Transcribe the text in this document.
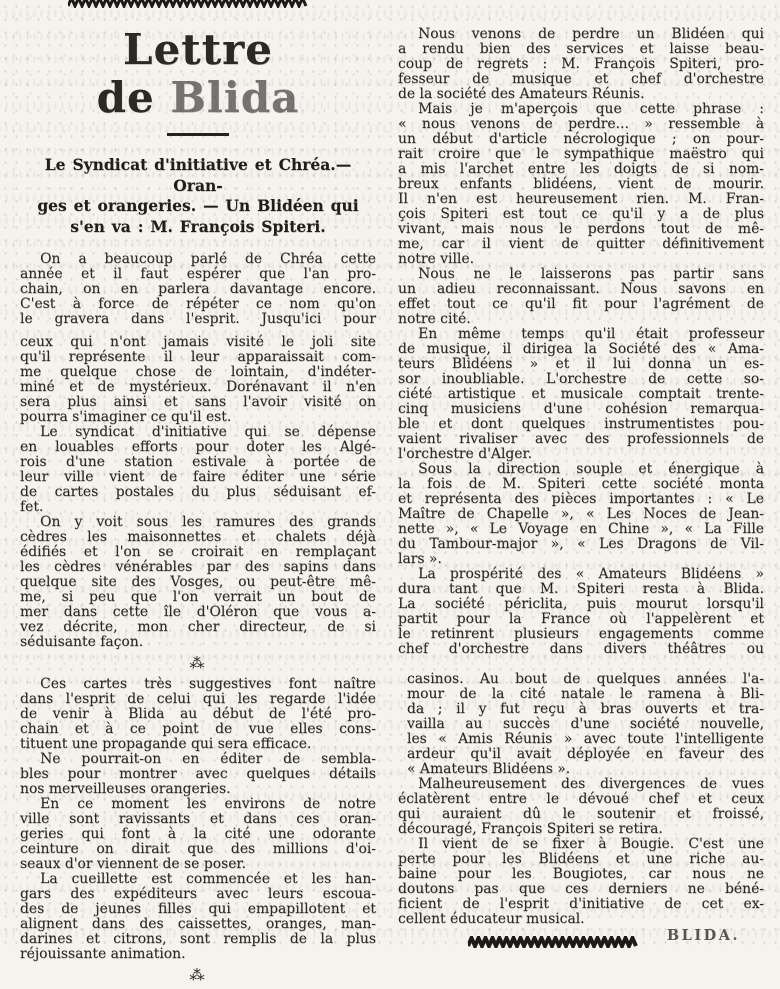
Lettre de Blida
Le Syndicat d'initiative et Chréa.— Oran-
ges et orangeries. — Un Blidéen qui
s'en va : M. François Spiteri.
On a beaucoup parlé de Chréa cette
année et il faut espérer que l'an pro-
chain, on en parlera davantage encore.
C'est à force de répéter ce nom qu'on
le gravera dans l'esprit. Jusqu'ici pour
ceux qui n'ont jamais visité le joli site
qu'il représente il leur apparaissait com-
me quelque chose de lointain, d'indéter-
miné et de mystérieux. Dorénavant il n'en
sera plus ainsi et sans l'avoir visité on
pourra s'imaginer ce qu'il est.
Le syndicat d'initiative qui se dépense
en louables efforts pour doter les Algé-
rois d'une station estivale à portée de
leur ville vient de faire éditer une série
de cartes postales du plus séduisant ef-
fet.
On y voit sous les ramures des grands
cèdres les maisonnettes et chalets déjà
édifiés et l'on se croirait en remplaçant
les cèdres vénérables par des sapins dans
quelque site des Vosges, ou peut-être mê-
me, si peu que l'on verrait un bout de
mer dans cette île d'Oléron que vous a-
vez décrite, mon cher directeur, de si
séduisante façon.
⁂
Ces cartes très suggestives font naître
dans l'esprit de celui qui les regarde l'idée
de venir à Blida au début de l'été pro-
chain et à ce point de vue elles cons-
tituent une propagande qui sera efficace.
Ne pourrait-on en éditer de sembla-
bles pour montrer avec quelques détails
nos merveilleuses orangeries.
En ce moment les environs de notre
ville sont ravissants et dans ces oran-
geries qui font à la cité une odorante
ceinture on dirait que des millions d'oi-
seaux d'or viennent de se poser.
La cueillette est commencée et les han-
gars des expéditeurs avec leurs escoua-
des de jeunes filles qui empapillotent et
alignent dans des caissettes, oranges, man-
darines et citrons, sont remplis de la plus
réjouissante animation.
⁂
Nous venons de perdre un Blidéen qui
a rendu bien des services et laisse beau-
coup de regrets : M. François Spiteri, pro-
fesseur de musique et chef d'orchestre
de la société des Amateurs Réunis.
Mais je m'aperçois que cette phrase :
« nous venons de perdre... » ressemble à
un début d'article nécrologique ; on pour-
rait croire que le sympathique maëstro qui
a mis l'archet entre les doigts de si nom-
breux enfants blidéens, vient de mourir.
Il n'en est heureusement rien. M. Fran-
çois Spiteri est tout ce qu'il y a de plus
vivant, mais nous le perdons tout de mê-
me, car il vient de quitter définitivement
notre ville.
Nous ne le laisserons pas partir sans
un adieu reconnaissant. Nous savons en
effet tout ce qu'il fit pour l'agrément de
notre cité.
En même temps qu'il était professeur
de musique, il dirigea la Société des « Ama-
teurs Blidéens » et il lui donna un es-
sor inoubliable. L'orchestre de cette so-
ciété artistique et musicale comptait trente-
cinq musiciens d'une cohésion remarqua-
ble et dont quelques instrumentistes pou-
vaient rivaliser avec des professionnels de
l'orchestre d'Alger.
Sous la direction souple et énergique à
la fois de M. Spiteri cette société monta
et représenta des pièces importantes : « Le
Maître de Chapelle », « Les Noces de Jean-
nette », « Le Voyage en Chine », « La Fille
du Tambour-major », « Les Dragons de Vil-
lars ».
La prospérité des « Amateurs Blidéens »
dura tant que M. Spiteri resta à Blida.
La société périclita, puis mourut lorsqu'il
partit pour la France où l'appelèrent et
le retinrent plusieurs engagements comme
chef d'orchestre dans divers théâtres ou
casinos. Au bout de quelques années l'a-
mour de la cité natale le ramena à Bli-
da ; il y fut reçu à bras ouverts et tra-
vailla au succès d'une société nouvelle,
les « Amis Réunis » avec toute l'intelligente
ardeur qu'il avait déployée en faveur des
« Amateurs Blidéens ».
Malheureusement des divergences de vues
éclatèrent entre le dévoué chef et ceux
qui auraient dû le soutenir et froissé,
découragé, François Spiteri se retira.
Il vient de se fixer à Bougie. C'est une
perte pour les Blidéens et une riche au-
baine pour les Bougiotes, car nous ne
doutons pas que ces derniers ne béné-
ficient de l'esprit d'initiative de cet ex-
cellent éducateur musical.
BLIDA.
